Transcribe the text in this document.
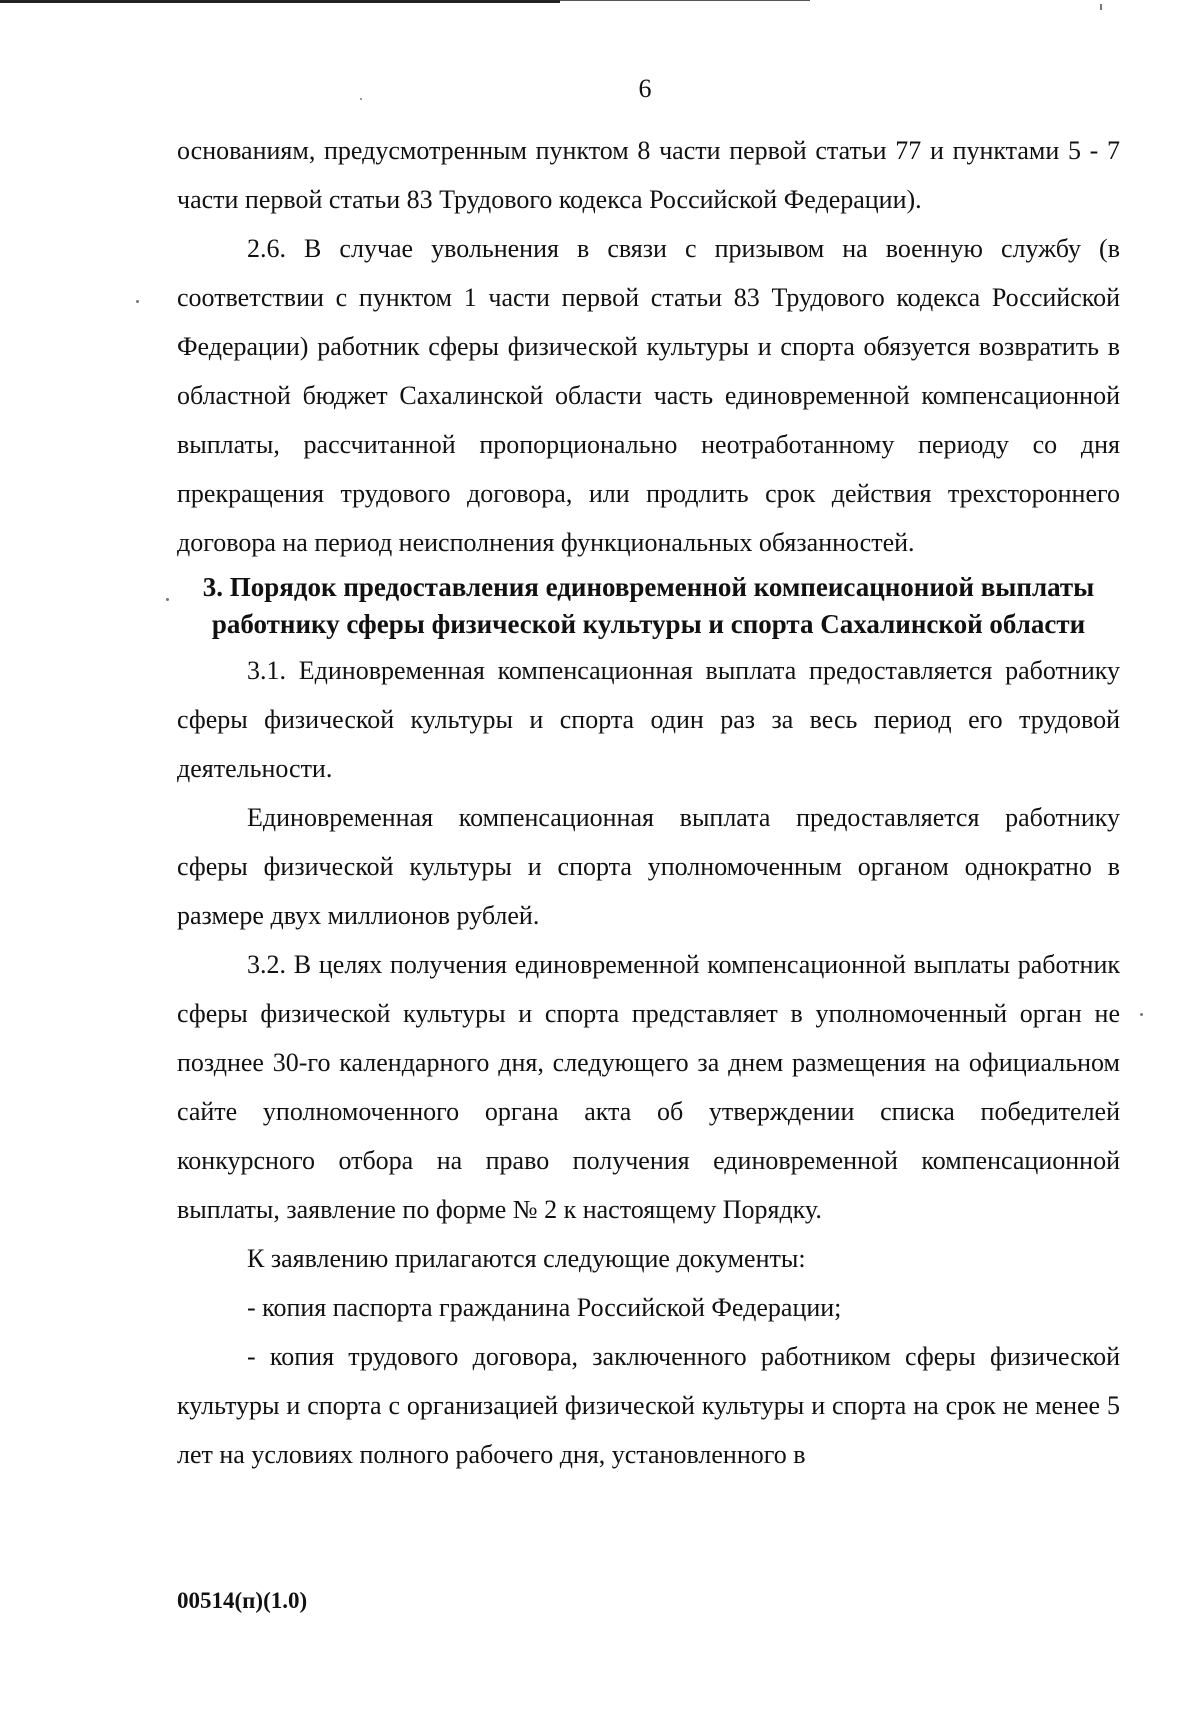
6

основаниям, предусмотренным пунктом 8 части первой статьи 77 и пунктами 5 - 7 части первой статьи 83 Трудового кодекса Российской Федерации).

2.6. В случае увольнения в связи с призывом на военную службу (в соответствии с пунктом 1 части первой статьи 83 Трудового кодекса Российской Федерации) работник сферы физической культуры и спорта обязуется возвратить в областной бюджет Сахалинской области часть единовременной компенсационной выплаты, рассчитанной пропорционально неотработанному периоду со дня прекращения трудового договора, или продлить срок действия трехстороннего договора на период неисполнения функциональных обязанностей.

3. Порядок предоставления единовременной компеисацнониой выплаты
работнику сферы физической культуры и спорта Сахалинской области

3.1. Единовременная компенсационная выплата предоставляется работнику сферы физической культуры и спорта один раз за весь период его трудовой деятельности.

Единовременная компенсационная выплата предоставляется работнику сферы физической культуры и спорта уполномоченным органом однократно в размере двух миллионов рублей.

3.2. В целях получения единовременной компенсационной выплаты работник сферы физической культуры и спорта представляет в уполномоченный орган не позднее 30-го календарного дня, следующего за днем размещения на официальном сайте уполномоченного органа акта об утверждении списка победителей конкурсного отбора на право получения единовременной компенсационной выплаты, заявление по форме № 2 к настоящему Порядку.

К заявлению прилагаются следующие документы:

- копия паспорта гражданина Российской Федерации;

- копия трудового договора, заключенного работником сферы физической культуры и спорта с организацией физической культуры и спорта на срок не менее 5 лет на условиях полного рабочего дня, установленного в

00514(п)(1.0)
